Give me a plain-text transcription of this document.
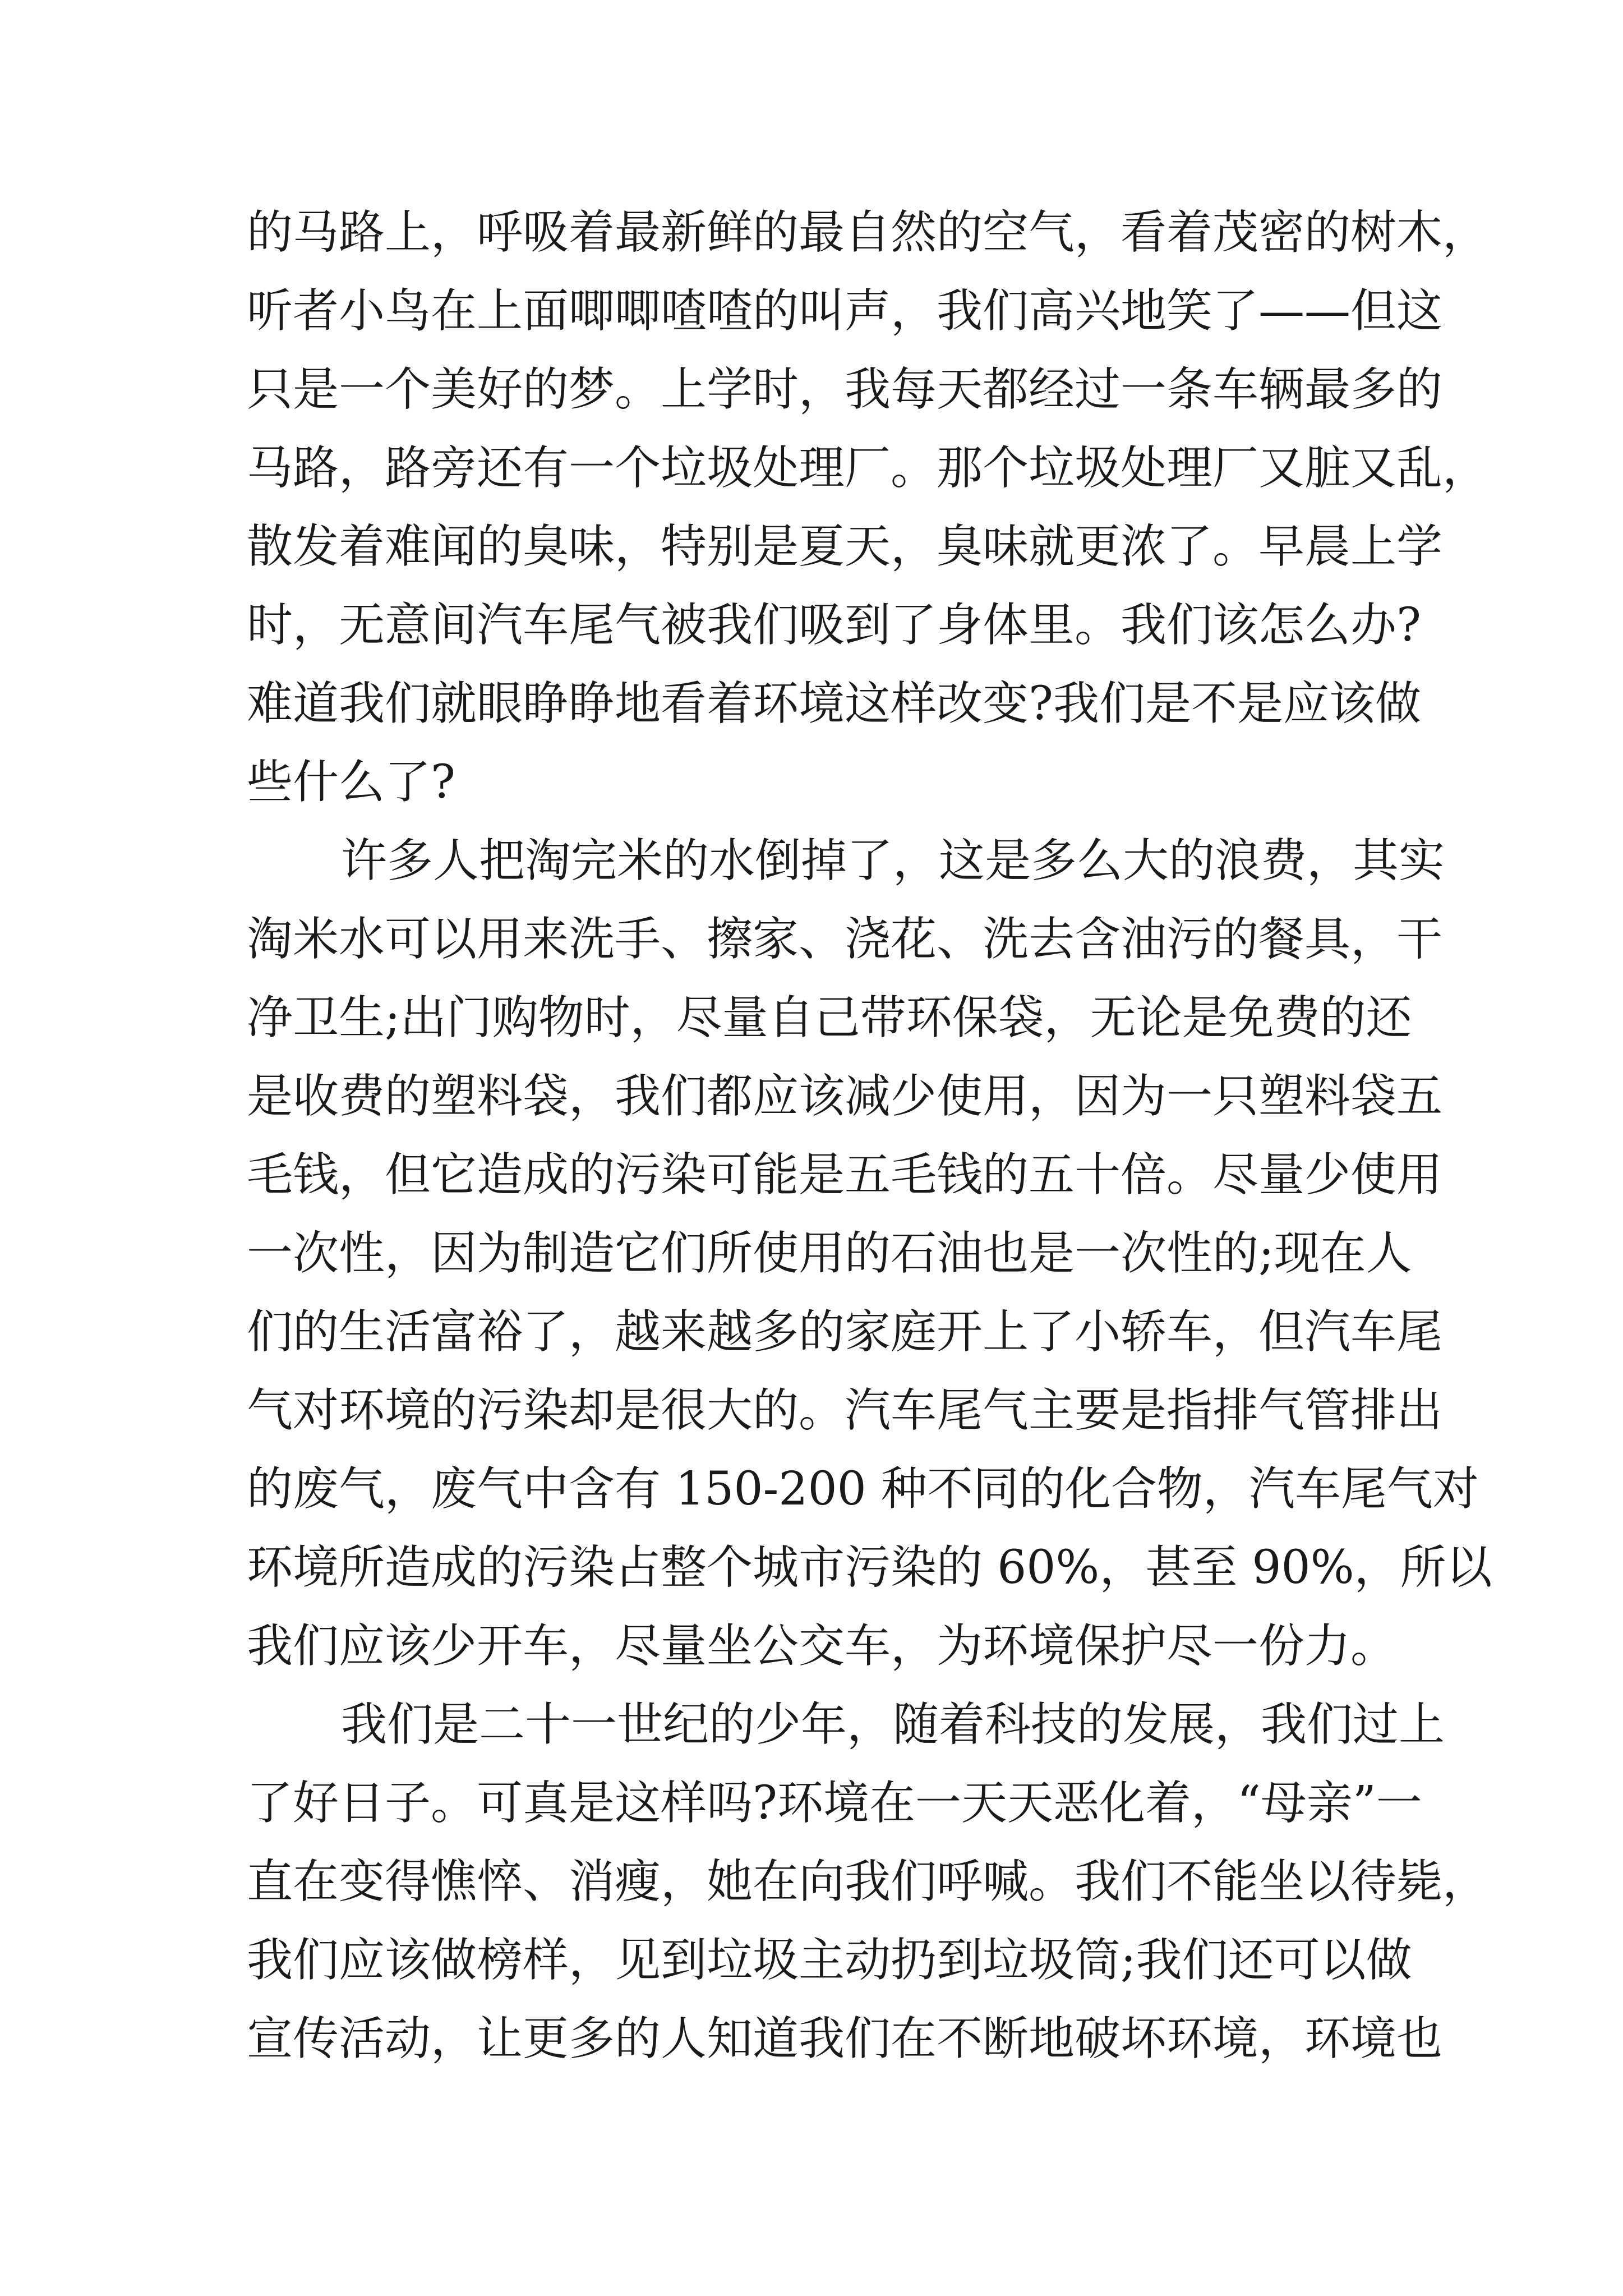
的马路上，呼吸着最新鲜的最自然的空气，看着茂密的树木，
听者小鸟在上面唧唧喳喳的叫声，我们高兴地笑了——但这
只是一个美好的梦。上学时，我每天都经过一条车辆最多的
马路，路旁还有一个垃圾处理厂。那个垃圾处理厂又脏又乱，
散发着难闻的臭味，特别是夏天，臭味就更浓了。早晨上学
时，无意间汽车尾气被我们吸到了身体里。我们该怎么办?
难道我们就眼睁睁地看着环境这样改变?我们是不是应该做
些什么了?
许多人把淘完米的水倒掉了，这是多么大的浪费，其实
淘米水可以用来洗手、擦家、浇花、洗去含油污的餐具，干
净卫生;出门购物时，尽量自己带环保袋，无论是免费的还
是收费的塑料袋，我们都应该减少使用，因为一只塑料袋五
毛钱，但它造成的污染可能是五毛钱的五十倍。尽量少使用
一次性，因为制造它们所使用的石油也是一次性的;现在人
们的生活富裕了，越来越多的家庭开上了小轿车，但汽车尾
气对环境的污染却是很大的。汽车尾气主要是指排气管排出
的废气，废气中含有 150-200 种不同的化合物，汽车尾气对
环境所造成的污染占整个城市污染的 60%，甚至 90%，所以
我们应该少开车，尽量坐公交车，为环境保护尽一份力。
我们是二十一世纪的少年，随着科技的发展，我们过上
了好日子。可真是这样吗?环境在一天天恶化着，“母亲”一
直在变得憔悴、消瘦，她在向我们呼喊。我们不能坐以待毙，
我们应该做榜样，见到垃圾主动扔到垃圾筒;我们还可以做
宣传活动，让更多的人知道我们在不断地破坏环境，环境也
